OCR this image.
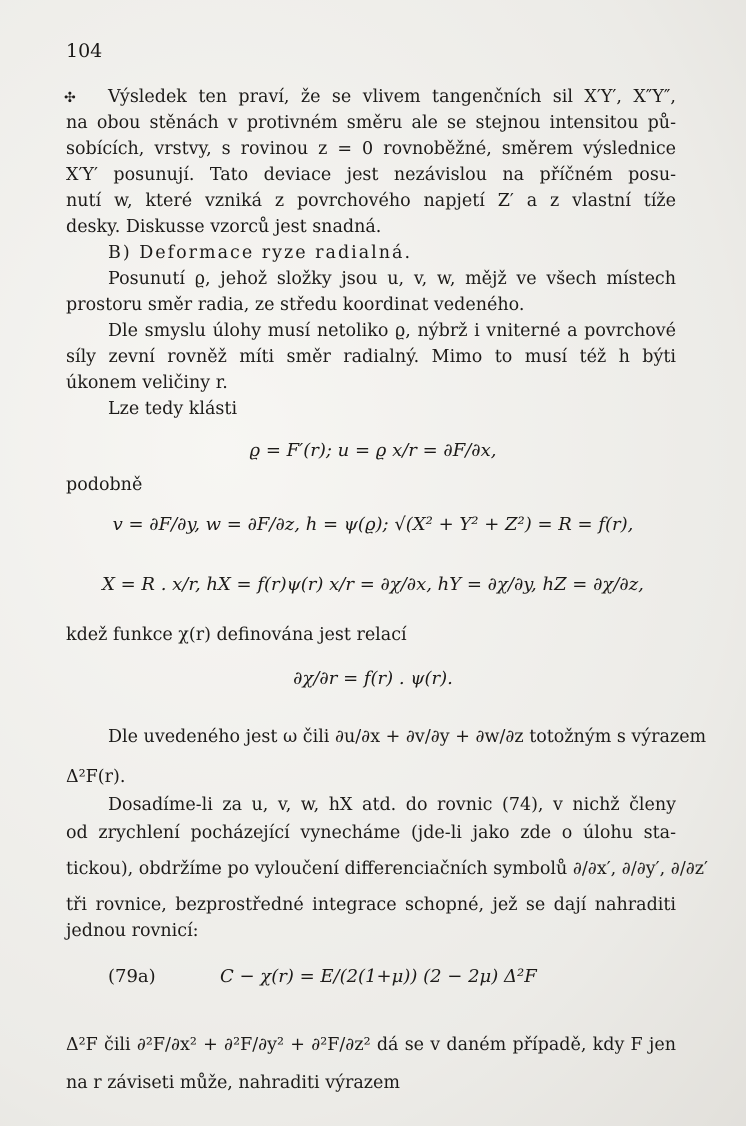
104
✣ Výsledek ten praví, že se vlivem tangenčních sil X′Y′, X″Y″,
na obou stěnách v protivném směru ale se stejnou intensitou pů-
sobících, vrstvy, s rovinou z = 0 rovnoběžné, směrem výslednice
X′Y′ posunují. Tato deviace jest nezávislou na příčném posu-
nutí w, které vzniká z povrchového napjetí Z′ a z vlastní tíže
desky. Diskusse vzorců jest snadná.
B) Deformace ryze radialná.
Posunutí ϱ, jehož složky jsou u, v, w, mějž ve všech místech
prostoru směr radia, ze středu koordinat vedeného.
Dle smyslu úlohy musí netoliko ϱ, nýbrž i vniterné a povrchové
síly zevní rovněž míti směr radialný. Mimo to musí též h býti
úkonem veličiny r.
Lze tedy klásti
ϱ = F′(r); u = ϱ x/r = ∂F/∂x,
podobně
v = ∂F/∂y, w = ∂F/∂z, h = ψ(ϱ); √(X² + Y² + Z²) = R = f(r),
X = R . x/r, hX = f(r)ψ(r) x/r = ∂χ/∂x, hY = ∂χ/∂y, hZ = ∂χ/∂z,
kdež funkce χ(r) definována jest relací
∂χ/∂r = f(r) . ψ(r).
Dle uvedeného jest ω čili ∂u/∂x + ∂v/∂y + ∂w/∂z totožným s výrazem
Δ²F(r).
Dosadíme-li za u, v, w, hX atd. do rovnic (74), v nichž členy
od zrychlení pocházející vynecháme (jde-li jako zde o úlohu sta-
tickou), obdržíme po vyloučení differenciačních symbolů ∂/∂x′, ∂/∂y′, ∂/∂z′
tři rovnice, bezprostředné integrace schopné, jež se dají nahraditi
jednou rovnicí:
(79a)	C − χ(r) = E/(2(1+μ)) (2 − 2μ) Δ²F
Δ²F čili ∂²F/∂x² + ∂²F/∂y² + ∂²F/∂z² dá se v daném případě, kdy F jen
na r záviseti může, nahraditi výrazem
